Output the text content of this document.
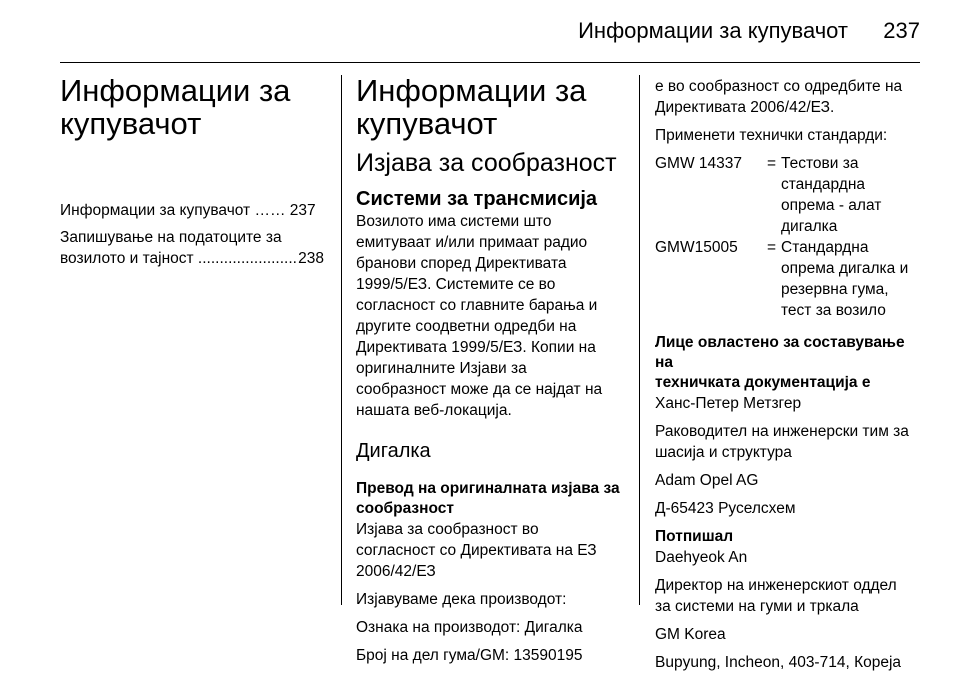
Информации за купувачот 237
Информации за купувачот
Информации за купувачот
……
237
Запишување на податоците за
возилото и тајност

.....	238
Информации за купувачот
Изјава за сообразност
Системи за трансмисија

Возилото има системи што

емитуваат и/или примаат радио

бранови според Директивата

1999/5/ЕЗ. Системите се во

согласност со главните барања и

другите соодветни одредби на

Директивата 1999/5/ЕЗ. Копии на

оригиналните Изјави за

сообразност може да се најдат на

нашата веб-локација.

Дигалка
Превод на оригиналната изјава за
сообразност

Изјава за сообразност во

согласност со Директивата на ЕЗ

2006/42/ЕЗ

Изјавуваме дека производот:

Ознака на производот: Дигалка

Број на дел гума/GM: 13590195

е во сообразност со одредбите на

Директивата 2006/42/ЕЗ.

Применети технички стандарди:

GMW 14337	= Тестови за
стандардна
опрема - алат
дигалка
GMW15005	= Стандардна
опрема дигалка и
резервна гума,
тест за возило
Лице овластено за составување на
техничката документација е

Ханс-Петер Метзгер

Раководител на инженерски тим за

шасија и структура

Adam Opel AG

Д-65423 Руселсхем

Потпишал

Daehyeok An

Директор на инженерскиот оддел

за системи на гуми и тркала

GM Korea

Bupyung, Incheon, 403-714, Кореја
